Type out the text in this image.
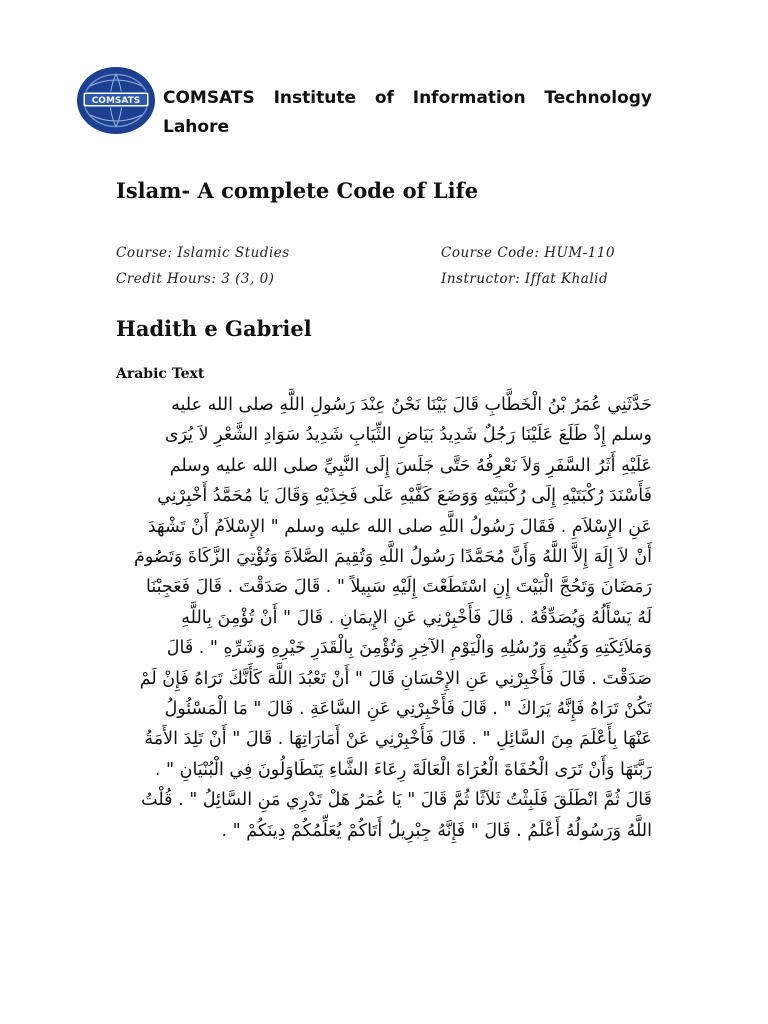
COMSATS COMSATS Institute of Information Technology Lahore
Islam- A complete Code of Life
Course: Islamic Studies	Course Code: HUM-110
Credit Hours: 3 (3, 0)	Instructor: Iffat Khalid
Hadith e Gabriel
Arabic Text
حَدَّثَنِي عُمَرُ بْنُ الْخَطَّابِ قَالَ بَيْنَا نَحْنُ عِنْدَ رَسُولِ اللَّهِ صلى الله عليه
وسلم إِذْ طَلَعَ عَلَيْنَا رَجُلٌ شَدِيدُ بَيَاضِ الثِّيَابِ شَدِيدُ سَوَادِ الشَّعْرِ لاَ يُرَى
عَلَيْهِ أَثَرُ السَّفَرِ وَلاَ نَعْرِفُهُ حَتَّى جَلَسَ إِلَى النَّبِيِّ صلى الله عليه وسلم
فَأَسْنَدَ رُكْبَتَيْهِ إِلَى رُكْبَتَيْهِ وَوَضَعَ كَفَّيْهِ عَلَى فَخِذَيْهِ وَقَالَ يَا مُحَمَّدُ أَخْبِرْنِي
عَنِ الإِسْلاَمِ . فَقَالَ رَسُولُ اللَّهِ صلى الله عليه وسلم " الإِسْلاَمُ أَنْ تَشْهَدَ
أَنْ لاَ إِلَهَ إِلاَّ اللَّهُ وَأَنَّ مُحَمَّدًا رَسُولُ اللَّهِ وَتُقِيمَ الصَّلاَةَ وَتُؤْتِيَ الزَّكَاةَ وَتَصُومَ
رَمَضَانَ وَتَحُجَّ الْبَيْتَ إِنِ اسْتَطَعْتَ إِلَيْهِ سَبِيلاً " . قَالَ صَدَقْتَ . قَالَ فَعَجِبْنَا
لَهُ يَسْأَلُهُ وَيُصَدِّقُهُ . قَالَ فَأَخْبِرْنِي عَنِ الإِيمَانِ . قَالَ " أَنْ تُؤْمِنَ بِاللَّهِ
وَمَلاَئِكَتِهِ وَكُتُبِهِ وَرُسُلِهِ وَالْيَوْمِ الآخِرِ وَتُؤْمِنَ بِالْقَدَرِ خَيْرِهِ وَشَرِّهِ " . قَالَ
صَدَقْتَ . قَالَ فَأَخْبِرْنِي عَنِ الإِحْسَانِ قَالَ " أَنْ تَعْبُدَ اللَّهَ كَأَنَّكَ تَرَاهُ فَإِنْ لَمْ
تَكُنْ تَرَاهُ فَإِنَّهُ يَرَاكَ " . قَالَ فَأَخْبِرْنِي عَنِ السَّاعَةِ . قَالَ " مَا الْمَسْئُولُ
عَنْهَا بِأَعْلَمَ مِنَ السَّائِلِ " . قَالَ فَأَخْبِرْنِي عَنْ أَمَارَاتِهَا . قَالَ " أَنْ تَلِدَ الأَمَةُ
رَبَّتَهَا وَأَنْ تَرَى الْحُفَاةَ الْعُرَاةَ الْعَالَةَ رِعَاءَ الشَّاءِ يَتَطَاوَلُونَ فِي الْبُنْيَانِ " .
قَالَ ثُمَّ انْطَلَقَ فَلَبِثْتُ ثَلاَثًا ثُمَّ قَالَ " يَا عُمَرُ هَلْ تَدْرِي مَنِ السَّائِلُ " . قُلْتُ
اللَّهُ وَرَسُولُهُ أَعْلَمُ . قَالَ " فَإِنَّهُ جِبْرِيلُ أَتَاكُمْ يُعَلِّمُكُمْ دِينَكُمْ " .
